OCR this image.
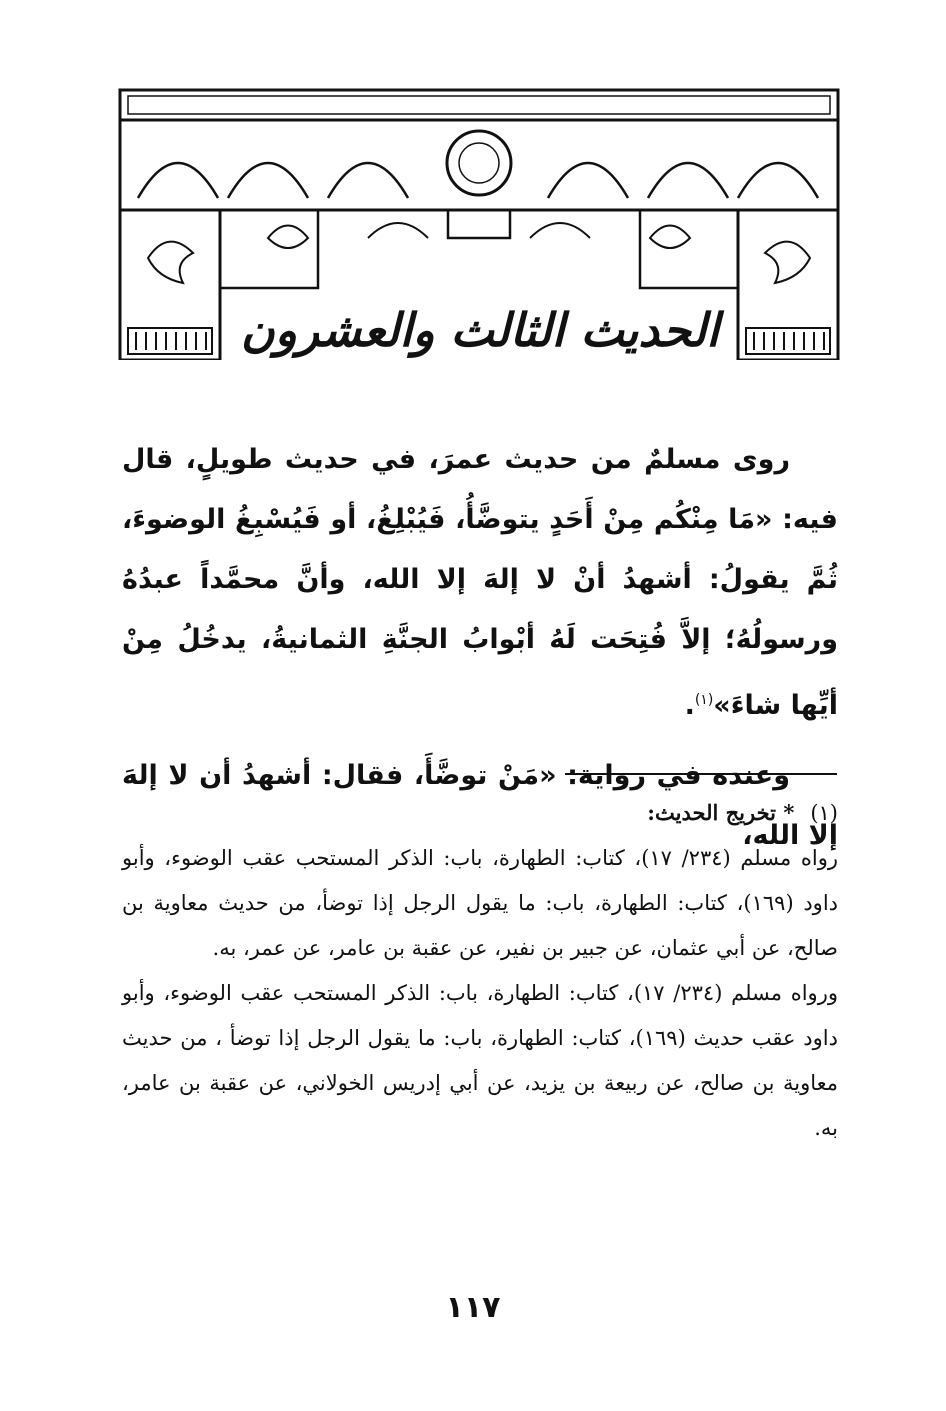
الحديث الثالث والعشرون

روى مسلمٌ من حديث عمرَ، في حديث طويلٍ، قال فيه: «مَا مِنْكُم مِنْ أَحَدٍ يتوضَّأُ، فَيُبْلِغُ، أو فَيُسْبِغُ الوضوءَ، ثُمَّ يقولُ: أشهدُ أنْ لا إلهَ إلا الله، وأنَّ محمَّداً عبدُهُ ورسولُهُ؛ إلاَّ فُتِحَت لَهُ أبْوابُ الجنَّةِ الثمانيةُ، يدخُلُ مِنْ أيِّها شاءَ»$^{(١)}$.

وعنده في رواية: «مَنْ توضَّأَ، فقال: أشهدُ أن لا إلهَ إلا الله،

(١)* تخريج الحديث:

رواه مسلم (٢٣٤/ ١٧)، كتاب: الطهارة، باب: الذكر المستحب عقب الوضوء، وأبو داود (١٦٩)، كتاب: الطهارة، باب: ما يقول الرجل إذا توضأ، من حديث معاوية بن صالح، عن أبي عثمان، عن جبير بن نفير، عن عقبة بن عامر، عن عمر، به.

ورواه مسلم (٢٣٤/ ١٧)، كتاب: الطهارة، باب: الذكر المستحب عقب الوضوء، وأبو داود عقب حديث (١٦٩)، كتاب: الطهارة، باب: ما يقول الرجل إذا توضأ ، من حديث معاوية بن صالح، عن ربيعة بن يزيد، عن أبي إدريس الخولاني، عن عقبة بن عامر، به.

١١٧
